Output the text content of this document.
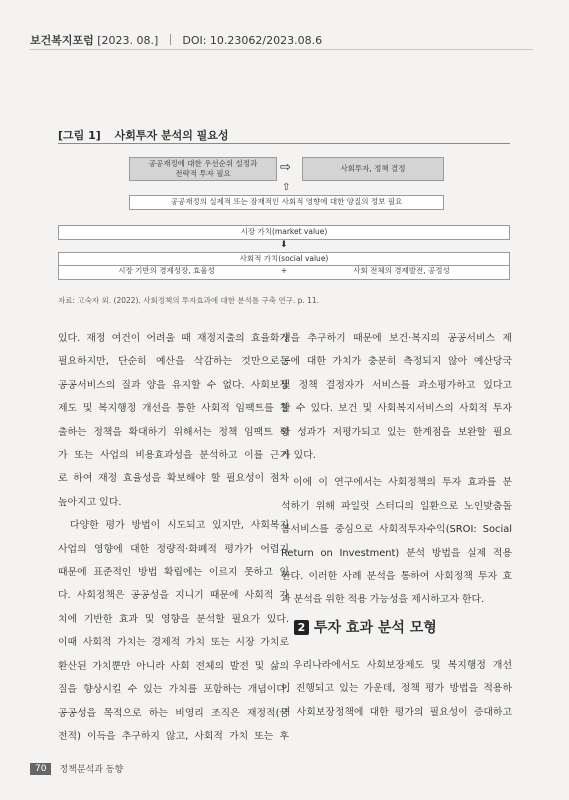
보건복지포럼 [2023. 08.] DOI: 10.23062/2023.08.6
[그림 1] 사회투자 분석의 필요성
공공재정에 대한 우선순위 설정과 전략적 투자 필요	⇨	사회투자, 정책 결정
⇧
공공재정의 실제적 또는 잠재적인 사회적 영향에 대한 양질의 정보 필요
시장 가치(market value)
⬇
사회적 가치(social value)
시장 기반의 경제성장, 효율성	+	사회 전체의 경제발전, 공정성
자료: 고숙자 외. (2022). 사회정책의 투자효과에 대한 분석틀 구축 연구. p. 11.

있다. 재정 여건이 어려울 때 재정지출의 효율화가
필요하지만, 단순히 예산을 삭감하는 것만으로는
공공서비스의 질과 양을 유지할 수 없다. 사회보장
제도 및 복지행정 개선을 통한 사회적 임팩트를 창
출하는 정책을 확대하기 위해서는 정책 임팩트 평
가 또는 사업의 비용효과성을 분석하고 이를 근거
로 하여 재정 효율성을 확보해야 할 필요성이 점차
높아지고 있다.

다양한 평가 방법이 시도되고 있지만, 사회복지
사업의 영향에 대한 정량적·화폐적 평가가 어렵기
때문에 표준적인 방법 확립에는 이르지 못하고 있
다. 사회정책은 공공성을 지니기 때문에 사회적 가
치에 기반한 효과 및 영향을 분석할 필요가 있다.
이때 사회적 가치는 경제적 가치 또는 시장 가치로
환산된 가치뿐만 아니라 사회 전체의 발전 및 삶의
질을 향상시킬 수 있는 가치를 포함하는 개념이다.
공공성을 목적으로 하는 비영리 조직은 재정적(금
전적) 이득을 추구하지 않고, 사회적 가치 또는 후

생을 추구하기 때문에 보건·복지의 공공서비스 제
공에 대한 가치가 충분히 측정되지 않아 예산당국
및 정책 결정자가 서비스를 과소평가하고 있다고
할 수 있다. 보건 및 사회복지서비스의 사회적 투자
와 성과가 저평가되고 있는 한계점을 보완할 필요
가 있다.

이에 이 연구에서는 사회정책의 투자 효과를 분
석하기 위해 파일럿 스터디의 일환으로 노인맞춤돌
봄서비스를 중심으로 사회적투자수익(SROI: Social
Return on Investment) 분석 방법을 실제 적용
한다. 이러한 사례 분석을 통하여 사회정책 투자 효
과 분석을 위한 적용 가능성을 제시하고자 한다.

2 투자 효과 분석 모형

우리나라에서도 사회보장제도 및 복지행정 개선
이 진행되고 있는 가운데, 정책 평가 방법을 적용하
여 사회보장정책에 대한 평가의 필요성이 증대하고

70	정책분석과 동향
